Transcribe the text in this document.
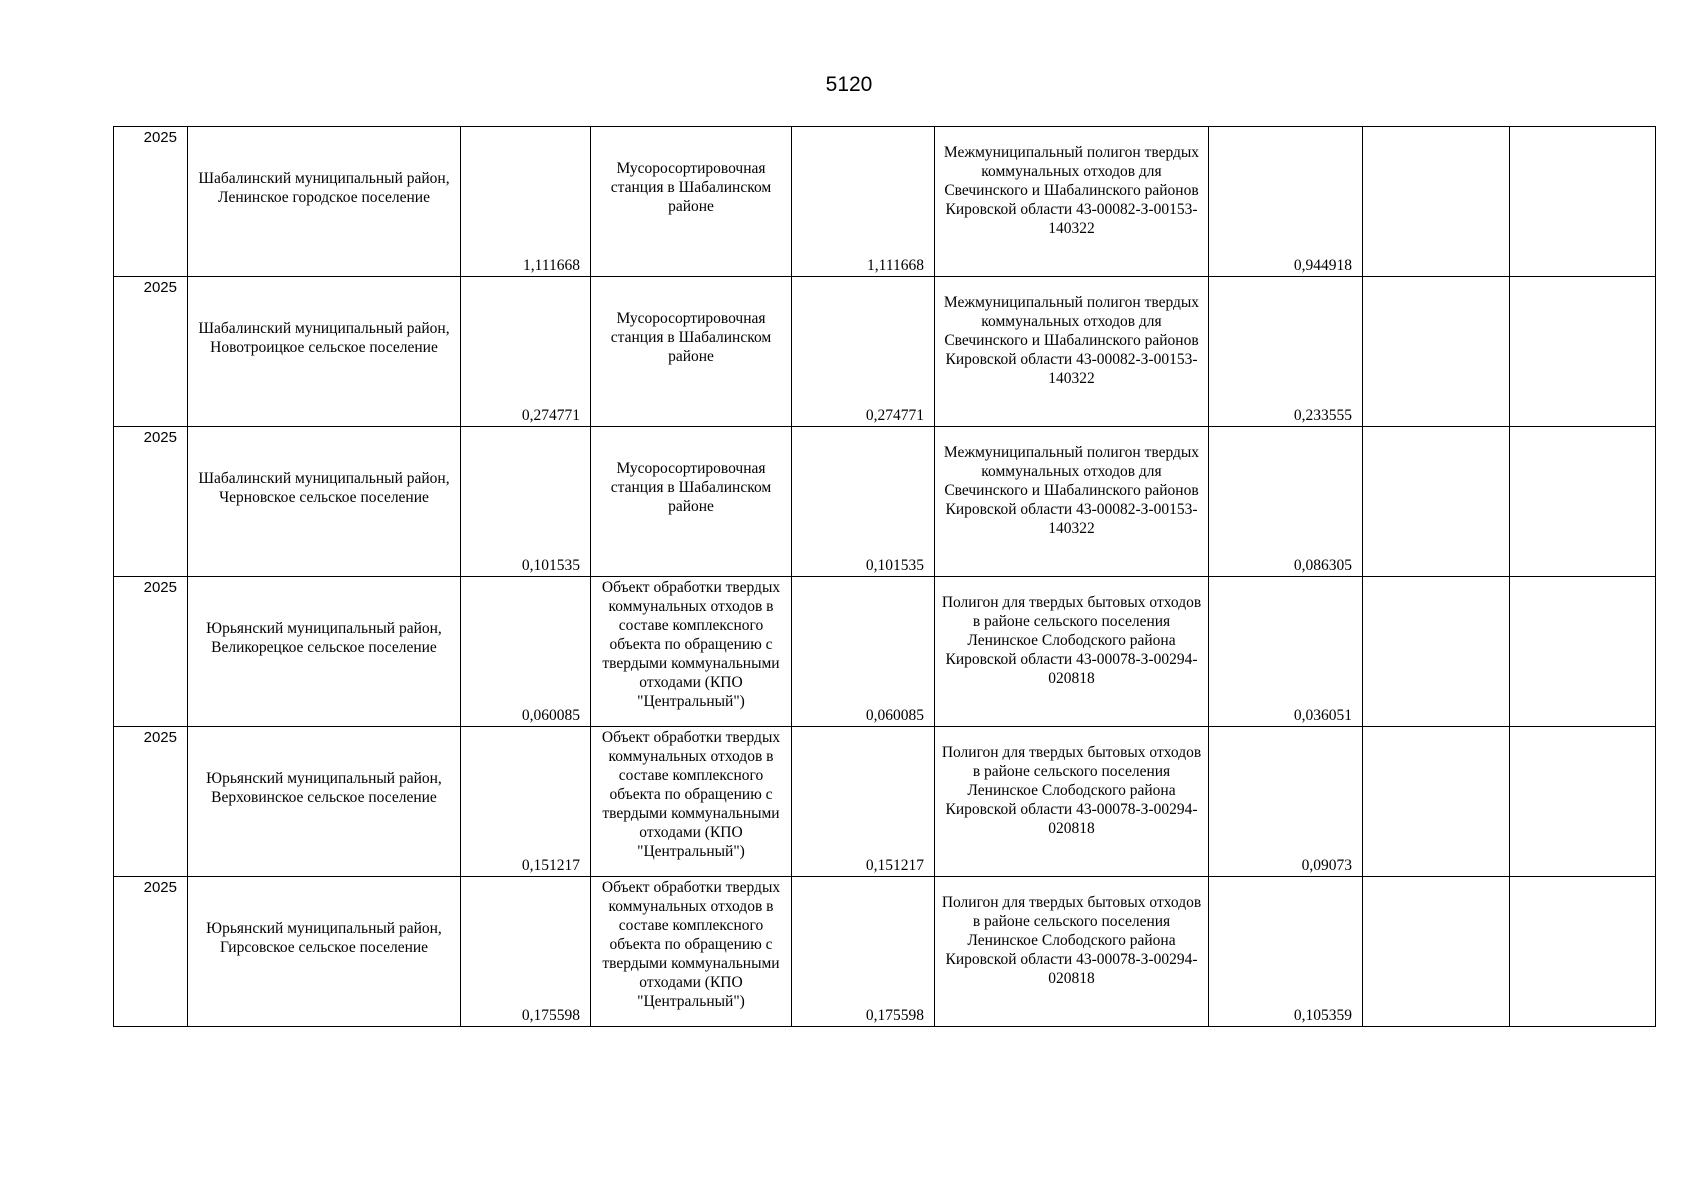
5120
2025	Шабалинский муниципальный район, Ленинское городское поселение	1,111668	Мусоросортировочная станция в Шабалинском районе	1,111668	Межмуниципальный полигон твердых коммунальных отходов для Свечинского и Шабалинского районов Кировской области 43-00082-З-00153-140322	0,944918		

2025	Шабалинский муниципальный район, Новотроицкое сельское поселение	0,274771	Мусоросортировочная станция в Шабалинском районе	0,274771	Межмуниципальный полигон твердых коммунальных отходов для Свечинского и Шабалинского районов Кировской области 43-00082-З-00153-140322	0,233555		

2025	Шабалинский муниципальный район, Черновское сельское поселение	0,101535	Мусоросортировочная станция в Шабалинском районе	0,101535	Межмуниципальный полигон твердых коммунальных отходов для Свечинского и Шабалинского районов Кировской области 43-00082-З-00153-140322	0,086305		

2025	Юрьянский муниципальный район, Великорецкое сельское поселение	0,060085	Объект обработки твердых коммунальных отходов в составе комплексного объекта по обращению с твердыми коммунальными отходами (КПО "Центральный")	0,060085	Полигон для твердых бытовых отходов в районе сельского поселения Ленинское Слободского района Кировской области 43-00078-З-00294-020818	0,036051		

2025	Юрьянский муниципальный район, Верховинское сельское поселение	0,151217	Объект обработки твердых коммунальных отходов в составе комплексного объекта по обращению с твердыми коммунальными отходами (КПО "Центральный")	0,151217	Полигон для твердых бытовых отходов в районе сельского поселения Ленинское Слободского района Кировской области 43-00078-З-00294-020818	0,09073		

2025	Юрьянский муниципальный район, Гирсовское сельское поселение	0,175598	Объект обработки твердых коммунальных отходов в составе комплексного объекта по обращению с твердыми коммунальными отходами (КПО "Центральный")	0,175598	Полигон для твердых бытовых отходов в районе сельского поселения Ленинское Слободского района Кировской области 43-00078-З-00294-020818	0,105359		
